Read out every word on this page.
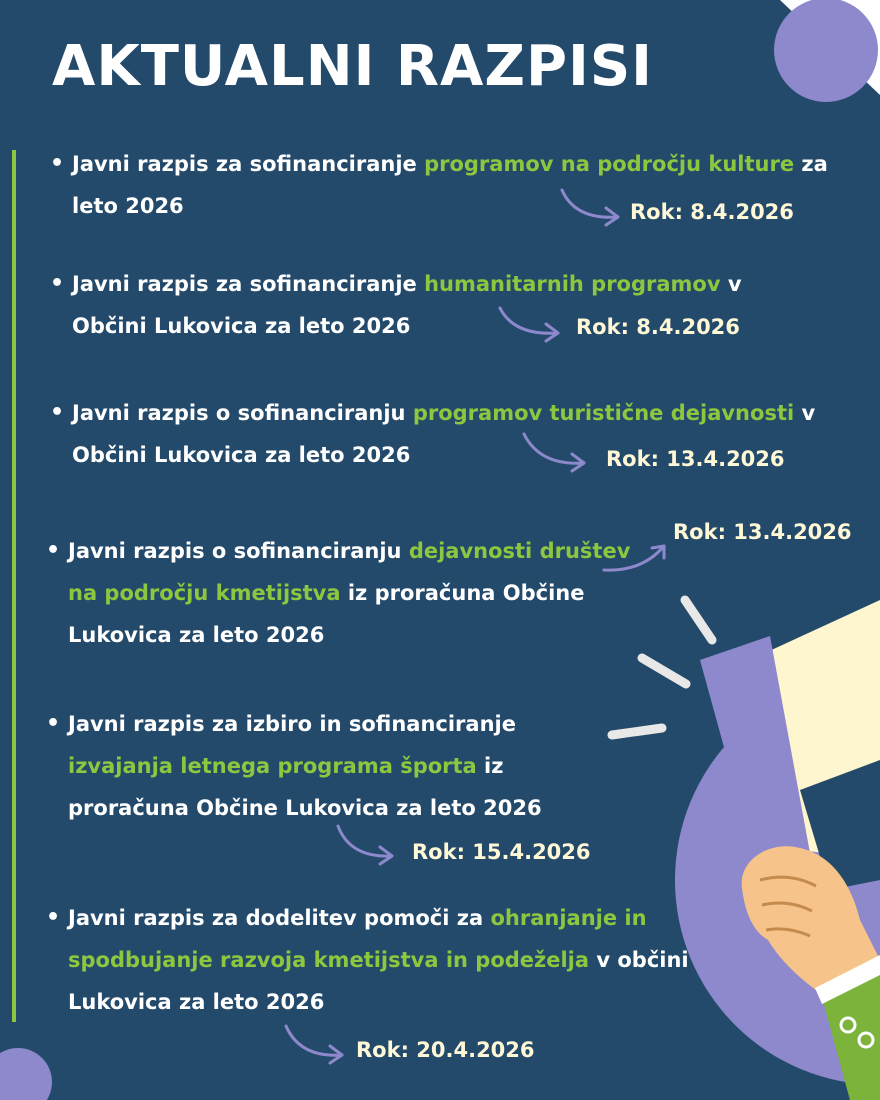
AKTUALNI RAZPISI
• Javni razpis za sofinanciranje programov na področju kulture za leto 2026	Rok: 8.4.2026
• Javni razpis za sofinanciranje humanitarnih programov v Občini Lukovica za leto 2026	Rok: 8.4.2026
• Javni razpis o sofinanciranju programov turistične dejavnosti v Občini Lukovica za leto 2026	Rok: 13.4.2026
• Javni razpis o sofinanciranju dejavnosti društev na področju kmetijstva iz proračuna Občine Lukovica za leto 2026
Rok: 13.4.2026
• Javni razpis za izbiro in sofinanciranje izvajanja letnega programa športa iz proračuna Občine Lukovica za leto 2026
Rok: 15.4.2026
• Javni razpis za dodelitev pomoči za ohranjanje in spodbujanje razvoja kmetijstva in podeželja v občini Lukovica za leto 2026
Rok: 20.4.2026
